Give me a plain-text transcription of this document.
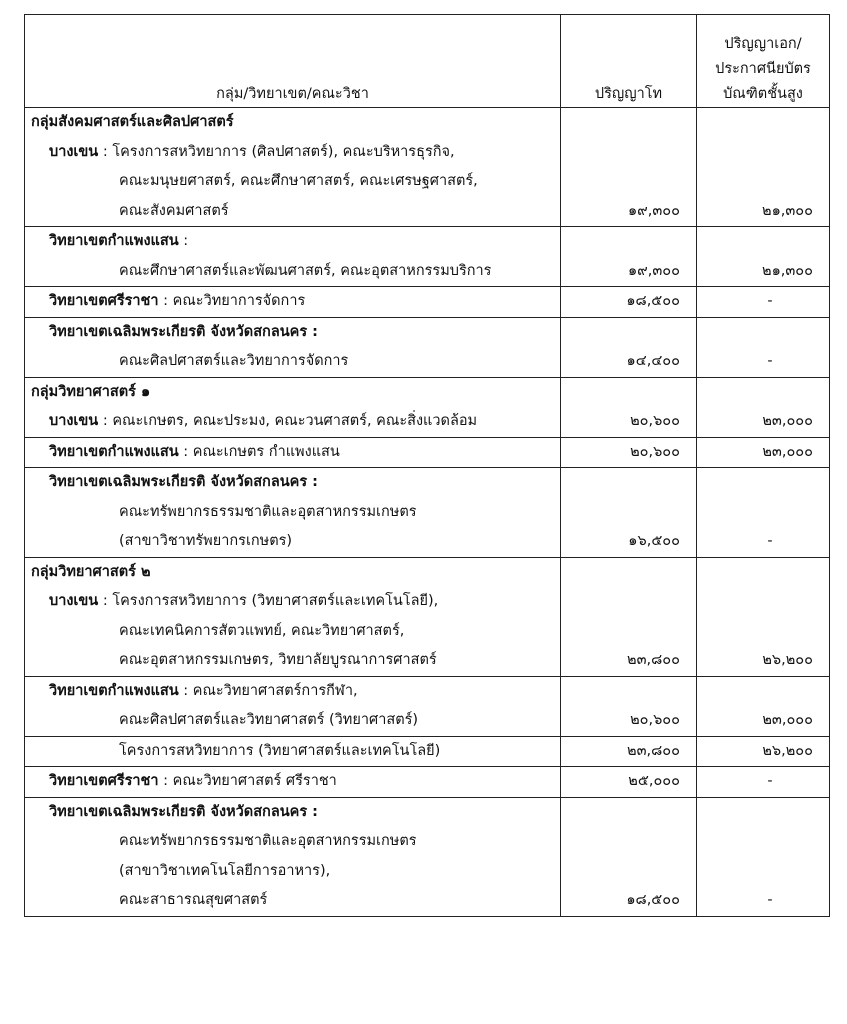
กลุ่ม/วิทยาเขต/คณะวิชา	ปริญญาโท	ปริญญาเอก/
ประกาศนียบัตร
บัณฑิตชั้นสูง

กลุ่มสังคมศาสตร์และศิลปศาสตร์
บางเขน : โครงการสหวิทยาการ (ศิลปศาสตร์), คณะบริหารธุรกิจ,
คณะมนุษยศาสตร์, คณะศึกษาศาสตร์, คณะเศรษฐศาสตร์,
คณะสังคมศาสตร์	๑๙,๓๐๐	๒๑,๓๐๐

วิทยาเขตกำแพงแสน :
คณะศึกษาศาสตร์และพัฒนศาสตร์, คณะอุตสาหกรรมบริการ	๑๙,๓๐๐	๒๑,๓๐๐

วิทยาเขตศรีราชา : คณะวิทยาการจัดการ	๑๘,๕๐๐	-

วิทยาเขตเฉลิมพระเกียรติ จังหวัดสกลนคร :
คณะศิลปศาสตร์และวิทยาการจัดการ	๑๔,๔๐๐	-

กลุ่มวิทยาศาสตร์ ๑
บางเขน : คณะเกษตร, คณะประมง, คณะวนศาสตร์, คณะสิ่งแวดล้อม	๒๐,๖๐๐	๒๓,๐๐๐

วิทยาเขตกำแพงแสน : คณะเกษตร กำแพงแสน	๒๐,๖๐๐	๒๓,๐๐๐

วิทยาเขตเฉลิมพระเกียรติ จังหวัดสกลนคร :
คณะทรัพยากรธรรมชาติและอุตสาหกรรมเกษตร
(สาขาวิชาทรัพยากรเกษตร)	๑๖,๕๐๐	-

กลุ่มวิทยาศาสตร์ ๒
บางเขน : โครงการสหวิทยาการ (วิทยาศาสตร์และเทคโนโลยี),
คณะเทคนิคการสัตวแพทย์, คณะวิทยาศาสตร์,
คณะอุตสาหกรรมเกษตร, วิทยาลัยบูรณาการศาสตร์	๒๓,๘๐๐	๒๖,๒๐๐

วิทยาเขตกำแพงแสน : คณะวิทยาศาสตร์การกีฬา,
คณะศิลปศาสตร์และวิทยาศาสตร์ (วิทยาศาสตร์)	๒๐,๖๐๐	๒๓,๐๐๐

โครงการสหวิทยาการ (วิทยาศาสตร์และเทคโนโลยี)	๒๓,๘๐๐	๒๖,๒๐๐

วิทยาเขตศรีราชา : คณะวิทยาศาสตร์ ศรีราชา	๒๕,๐๐๐	-

วิทยาเขตเฉลิมพระเกียรติ จังหวัดสกลนคร :
คณะทรัพยากรธรรมชาติและอุตสาหกรรมเกษตร
(สาขาวิชาเทคโนโลยีการอาหาร),
คณะสาธารณสุขศาสตร์	๑๘,๕๐๐	-
